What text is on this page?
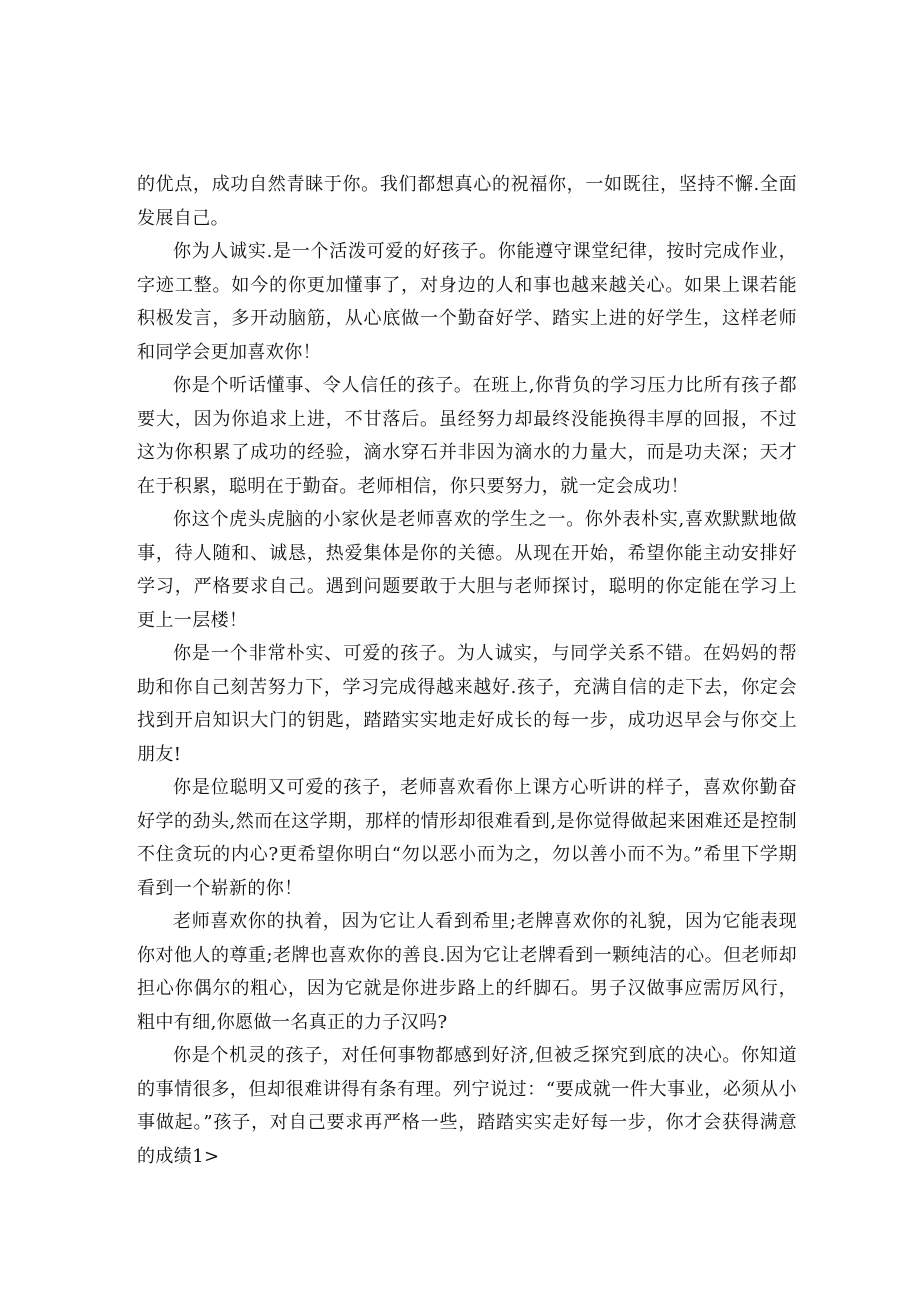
的优点，成功自然青睐于你。我们都想真心的祝福你，一如既往，坚持不懈.全面发展自己。

你为人诚实.是一个活泼可爱的好孩子。你能遵守课堂纪律，按时完成作业，字迹工整。如今的你更加懂事了，对身边的人和事也越来越关心。如果上课若能积极发言，多开动脑筋，从心底做一个勤奋好学、踏实上进的好学生，这样老师和同学会更加喜欢你！

你是个听话懂事、令人信任的孩子。在班上,你背负的学习压力比所有孩子都要大，因为你追求上进，不甘落后。虽经努力却最终没能换得丰厚的回报，不过这为你积累了成功的经验，滴水穿石并非因为滴水的力量大，而是功夫深；天才在于积累，聪明在于勤奋。老师相信，你只要努力，就一定会成功！

你这个虎头虎脑的小家伙是老师喜欢的学生之一。你外表朴实,喜欢默默地做事，待人随和、诚恳，热爱集体是你的关德。从现在开始，希望你能主动安排好学习，严格要求自己。遇到问题要敢于大胆与老师探讨，聪明的你定能在学习上更上一层楼！

你是一个非常朴实、可爱的孩子。为人诚实，与同学关系不错。在妈妈的帮助和你自己刻苦努力下，学习完成得越来越好.孩子，充满自信的走下去，你定会找到开启知识大门的钥匙，踏踏实实地走好成长的每一步，成功迟早会与你交上朋友!

你是位聪明又可爱的孩子，老师喜欢看你上课方心听讲的样子，喜欢你勤奋好学的劲头,然而在这学期，那样的情形却很难看到,是你觉得做起来困难还是控制不住贪玩的内心?更希望你明白“勿以恶小而为之，勿以善小而不为。”希里下学期看到一个崭新的你！

老师喜欢你的执着，因为它让人看到希里;老牌喜欢你的礼貌，因为它能表现你对他人的尊重;老牌也喜欢你的善良.因为它让老牌看到一颗纯洁的心。但老师却担心你偶尔的粗心，因为它就是你进步路上的纤脚石。男子汉做事应需厉风行，粗中有细,你愿做一名真正的力子汉吗?

你是个机灵的孩子，对任何事物都感到好济,但被乏探究到底的决心。你知道的事情很多，但却很难讲得有条有理。列宁说过：“要成就一件大事业，必须从小事做起。”孩子，对自己要求再严格一些，踏踏实实走好每一步，你才会获得满意的成绩1>
